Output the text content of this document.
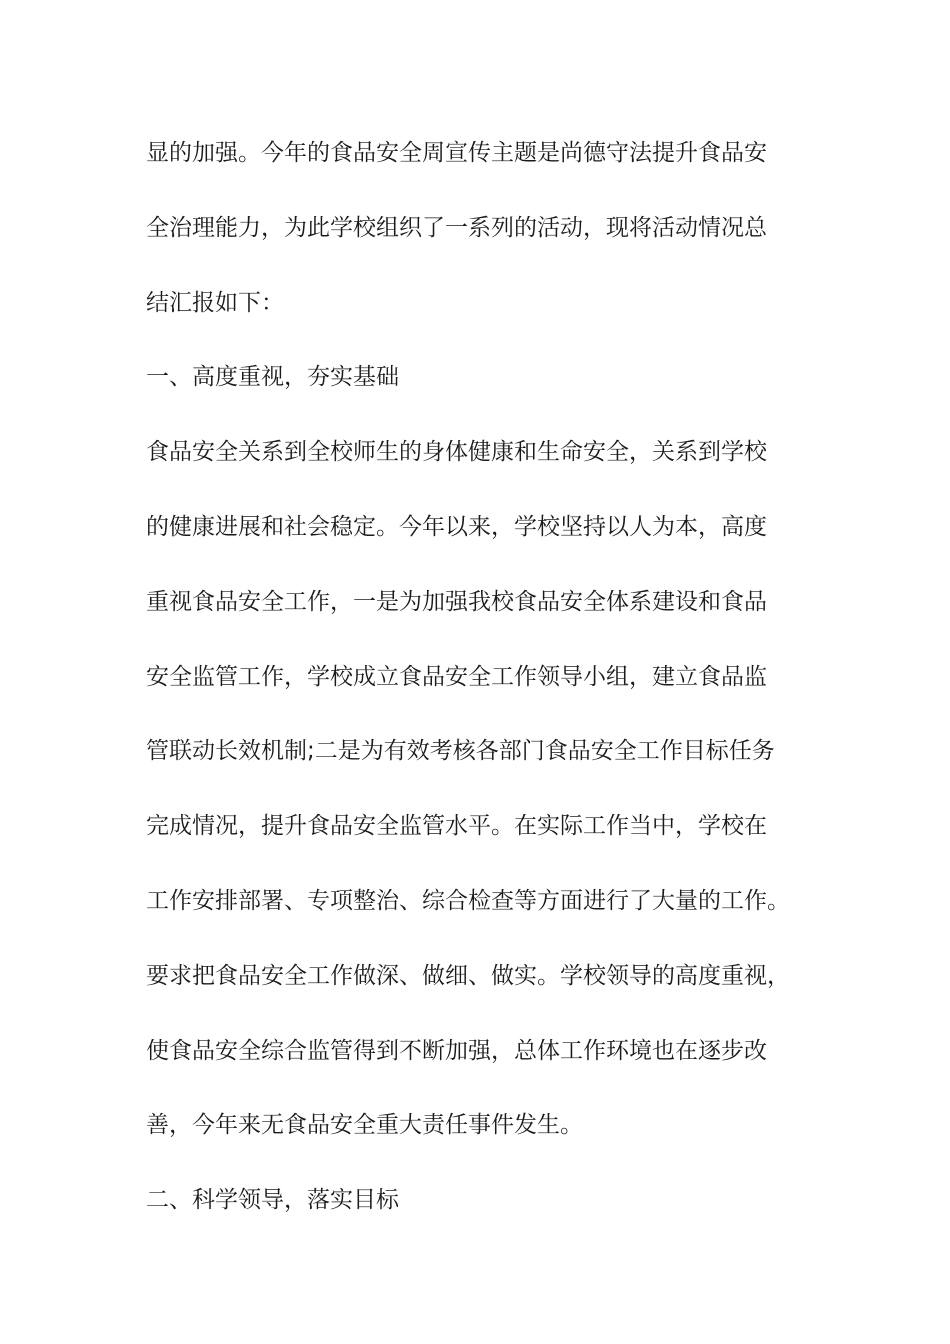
显的加强。今年的食品安全周宣传主题是尚德守法提升食品安
全治理能力，为此学校组织了一系列的活动，现将活动情况总
结汇报如下：
一、高度重视，夯实基础
食品安全关系到全校师生的身体健康和生命安全，关系到学校
的健康进展和社会稳定。今年以来，学校坚持以人为本，高度
重视食品安全工作，一是为加强我校食品安全体系建设和食品
安全监管工作，学校成立食品安全工作领导小组，建立食品监
管联动长效机制;二是为有效考核各部门食品安全工作目标任务
完成情况，提升食品安全监管水平。在实际工作当中，学校在
工作安排部署、专项整治、综合检查等方面进行了大量的工作。
要求把食品安全工作做深、做细、做实。学校领导的高度重视，
使食品安全综合监管得到不断加强，总体工作环境也在逐步改
善，今年来无食品安全重大责任事件发生。
二、科学领导，落实目标
